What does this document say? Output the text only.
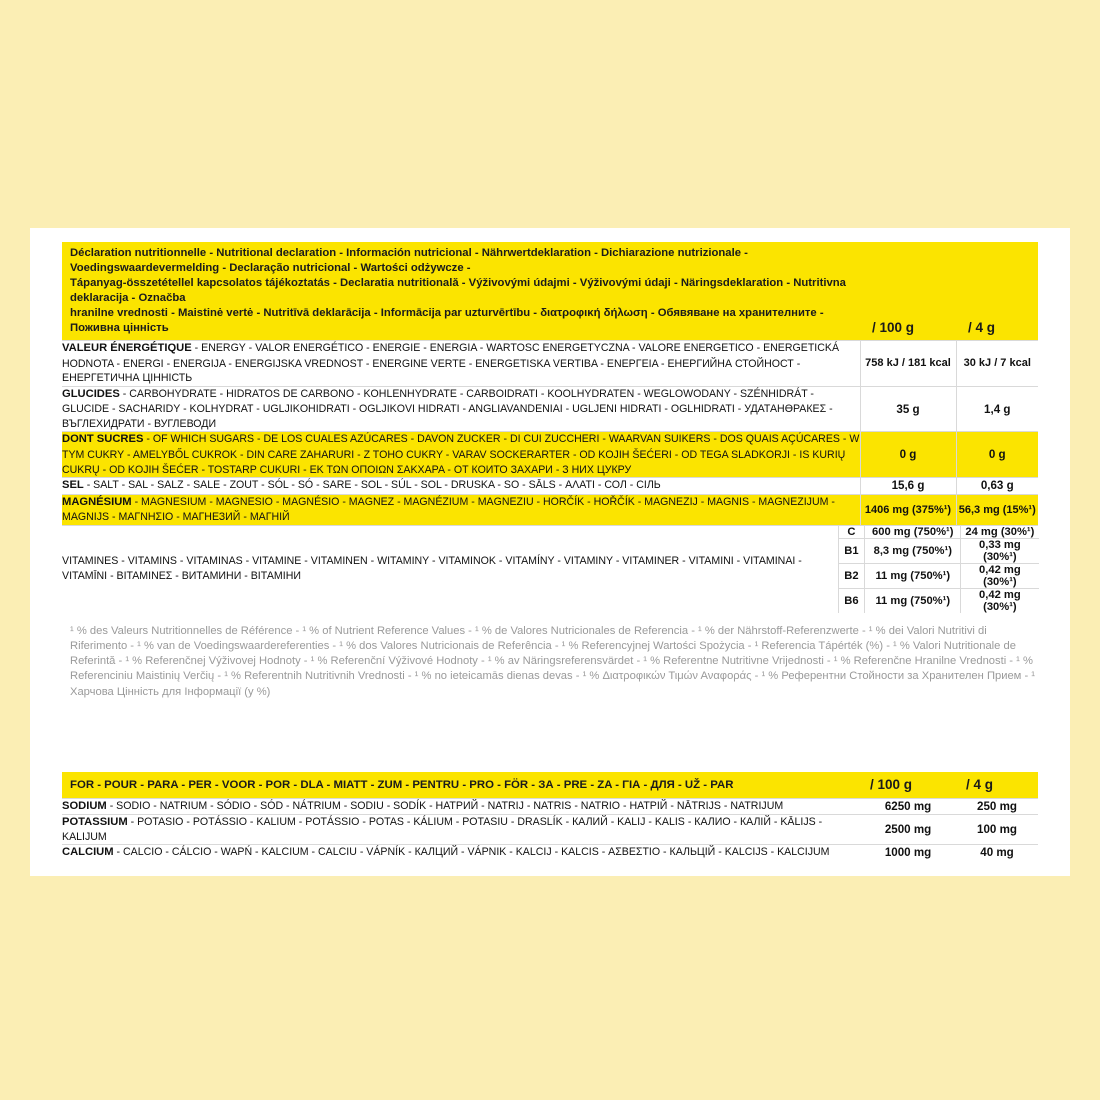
Déclaration nutritionnelle - Nutritional declaration - Información nutricional - Nährwertdeklaration - Dichiarazione nutrizionale - Voedingswaardevermelding - Declaração nutricional - Wartości odżywcze -
Tápanyag-összetétellel kapcsolatos tájékoztatás - Declaratia nutritională - Výživovými údajmi - Výživovými údaji - Näringsdeklaration - Nutritivna deklaracija - Označba
hranilne vrednosti - Maistinė vertė - Nutritīvā deklarācija - Informācija par uzturvērtību - διατροφική δήλωση - Обявяване на хранителните - Поживна цінність	/ 100 g	/ 4 g
VALEUR ÉNERGÉTIQUE - ENERGY - VALOR ENERGÉTICO - ENERGIE - ENERGIA - WARTOSC ENERGETYCZNA - VALORE ENERGETICO - ENERGETICKÁ HODNOTA - ENERGI - ENERGIJA - ENERGIJSKA VREDNOST - ENERGINE VERTE - ENERGETISKA VERTIBA - ΕΝΕΡΓΕΙΑ - ЕНЕРГИЙНА СТОЙНОСТ - ЕНЕРГЕТИЧНА ЦІННІСТЬ	758 kJ / 181 kcal	30 kJ / 7 kcal
GLUCIDES - CARBOHYDRATE - HIDRATOS DE CARBONO - KOHLENHYDRATE - CARBOIDRATI - KOOLHYDRATEN - WEGLOWODANY - SZÉNHIDRÁT - GLUCIDE - SACHARIDY - KOLHYDRAT - UGLJIKOHIDRATI - OGLJIKOVI HIDRATI - ANGLIAVANDENIAI - UGLJENI HIDRATI - OGLHIDRATI - УДАТАНӨРАКЕΣ - ВЪГЛЕХИДРАТИ - ВУГЛЕВОДИ	35 g	1,4 g
DONT SUCRES - OF WHICH SUGARS - DE LOS CUALES AZÚCARES - DAVON ZUCKER - DI CUI ZUCCHERI - WAARVAN SUIKERS - DOS QUAIS AÇÚCARES - W TYM CUKRY - AMELYBŐL CUKROK - DIN CARE ZAHARURI - Z TOHO CUKRY - VARAV SOCKERARTER - OD KOJIH ŠEĆERI - OD TEGA SLADKORJI - IS KURIŲ CUKRŲ - OD KOJIH ŠEĆER - TOSTARP CUKURI - ΕΚ ΤΩΝ ΟΠΟΙΩΝ ΣΑΚΧΑΡΑ - ОТ КОИТО ЗАХАРИ - З НИХ ЦУКРУ	0 g	0 g
SEL - SALT - SAL - SALZ - SALE - ZOUT - SÓL - SÓ - SARE - SOL - SÚL - SOL - DRUSKA - SO - SĀLS - ΑΛΑΤΙ - СОЛ - СІЛЬ	15,6 g	0,63 g
MAGNÉSIUM - MAGNESIUM - MAGNESIO - MAGNÉSIO - MAGNEZ - MAGNÉZIUM - MAGNEZIU - HORČÍK - HOŘČÍK - MAGNEZIJ - MAGNIS - MAGNEZIJUM - MAGNIJS - ΜΑΓΝΗΣΙΟ - МАГНЕЗИЙ - МАГНІЙ	1406 mg (375%¹)	56,3 mg (15%¹)
VITAMINES - VITAMINS - VITAMINAS - VITAMINE - VITAMINEN - WITAMINY - VITAMINOK - VITAMÍNY - VITAMINY - VITAMINER - VITAMINI - VITAMINAI -VITAMĪNI - ΒΙΤΑΜΙΝΕΣ - ВИТАМИНИ - ВІТАМІНИ	
C	600 mg (750%¹)	24 mg (30%¹)
B1	8,3 mg (750%¹)	0,33 mg (30%¹)
B2	11 mg (750%¹)	0,42 mg (30%¹)
B6	11 mg (750%¹)	0,42 mg (30%¹)
¹ % des Valeurs Nutritionnelles de Référence - ¹ % of Nutrient Reference Values - ¹ % de Valores Nutricionales de Referencia - ¹ % der Nährstoff-Referenzwerte - ¹ % dei Valori Nutritivi di Riferimento - ¹ % van de Voedingswaardereferenties - ¹ % dos Valores Nutricionais de Referência - ¹ % Referencyjnej Wartości Spożycia - ¹ Referencia Tápérték (%) - ¹ % Valori Nutritionale de Referintă - ¹ % Referenčnej Výživovej Hodnoty - ¹ % Referenční Výživové Hodnoty - ¹ % av Näringsreferensvärdet - ¹ % Referentne Nutritivne Vrijednosti - ¹ % Referenčne Hranilne Vrednosti - ¹ % Referenciniu Maistinių Verčių - ¹ % Referentnih Nutritivnih Vrednosti - ¹ % no ieteicamās dienas devas - ¹ % Διατροφικών Τιμών Αναφοράς - ¹ % Референтни Стойности за Хранителен Прием - ¹ Харчова Цінність для Інформації (у %)
FOR - POUR - PARA - PER - VOOR - POR - DLA - MIATT - ZUM - PENTRU - PRO - FÖR - ЗА - PRE - ZA - ΓΙΑ - ДЛЯ - UŽ - PAR	/ 100 g	/ 4 g
SODIUM - SODIO - NATRIUM - SÓDIO - SÓD - NÁTRIUM - SODIU - SODÍK - НАТРИЙ - NATRIJ - NATRIS - NATRIO - НАТРІЙ - NĀTRIJS - NATRIJUM	6250 mg	250 mg
POTASSIUM - POTASIO - POTÁSSIO - KALIUM - POTÁSSIO - POTAS - KÁLIUM - POTASIU - DRASLÍK - КАЛИЙ - KALIJ - KALIS - КАЛИО - КАЛІЙ - KĀLIJS - KALIJUM	2500 mg	100 mg
CALCIUM - CALCIO - CÁLCIO - WAPŃ - KALCIUM - CALCIU - VÁPNÍK - КАЛЦИЙ - VÁPNIK - KALCIJ - KALCIS - ΑΣΒΕΣΤΙΟ - КАЛЬЦІЙ - KALCIJS - KALCIJUM	1000 mg	40 mg
